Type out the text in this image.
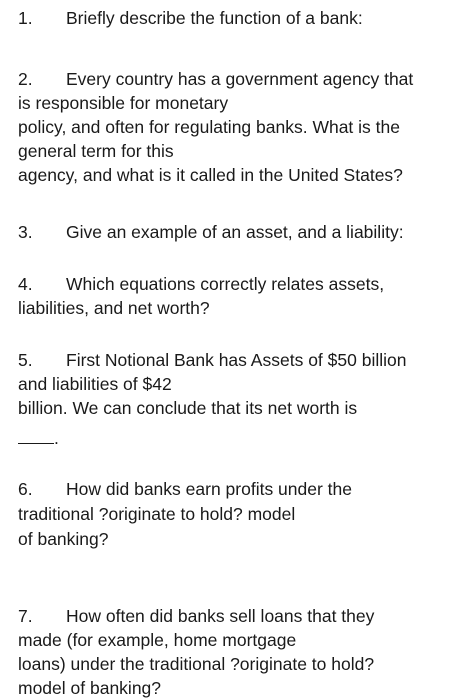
1. Briefly describe the function of a bank:
2. Every country has a government agency that
is responsible for monetary
policy, and often for regulating banks. What is the
general term for this
agency, and what is it called in the United States?
3. Give an example of an asset, and a liability:
4. Which equations correctly relates assets,
liabilities, and net worth?
5. First Notional Bank has Assets of $50 billion
and liabilities of $42
billion. We can conclude that its net worth is
.
6. How did banks earn profits under the
traditional ?originate to hold? model
of banking?
7. How often did banks sell loans that they
made (for example, home mortgage
loans) under the traditional ?originate to hold?
model of banking?
